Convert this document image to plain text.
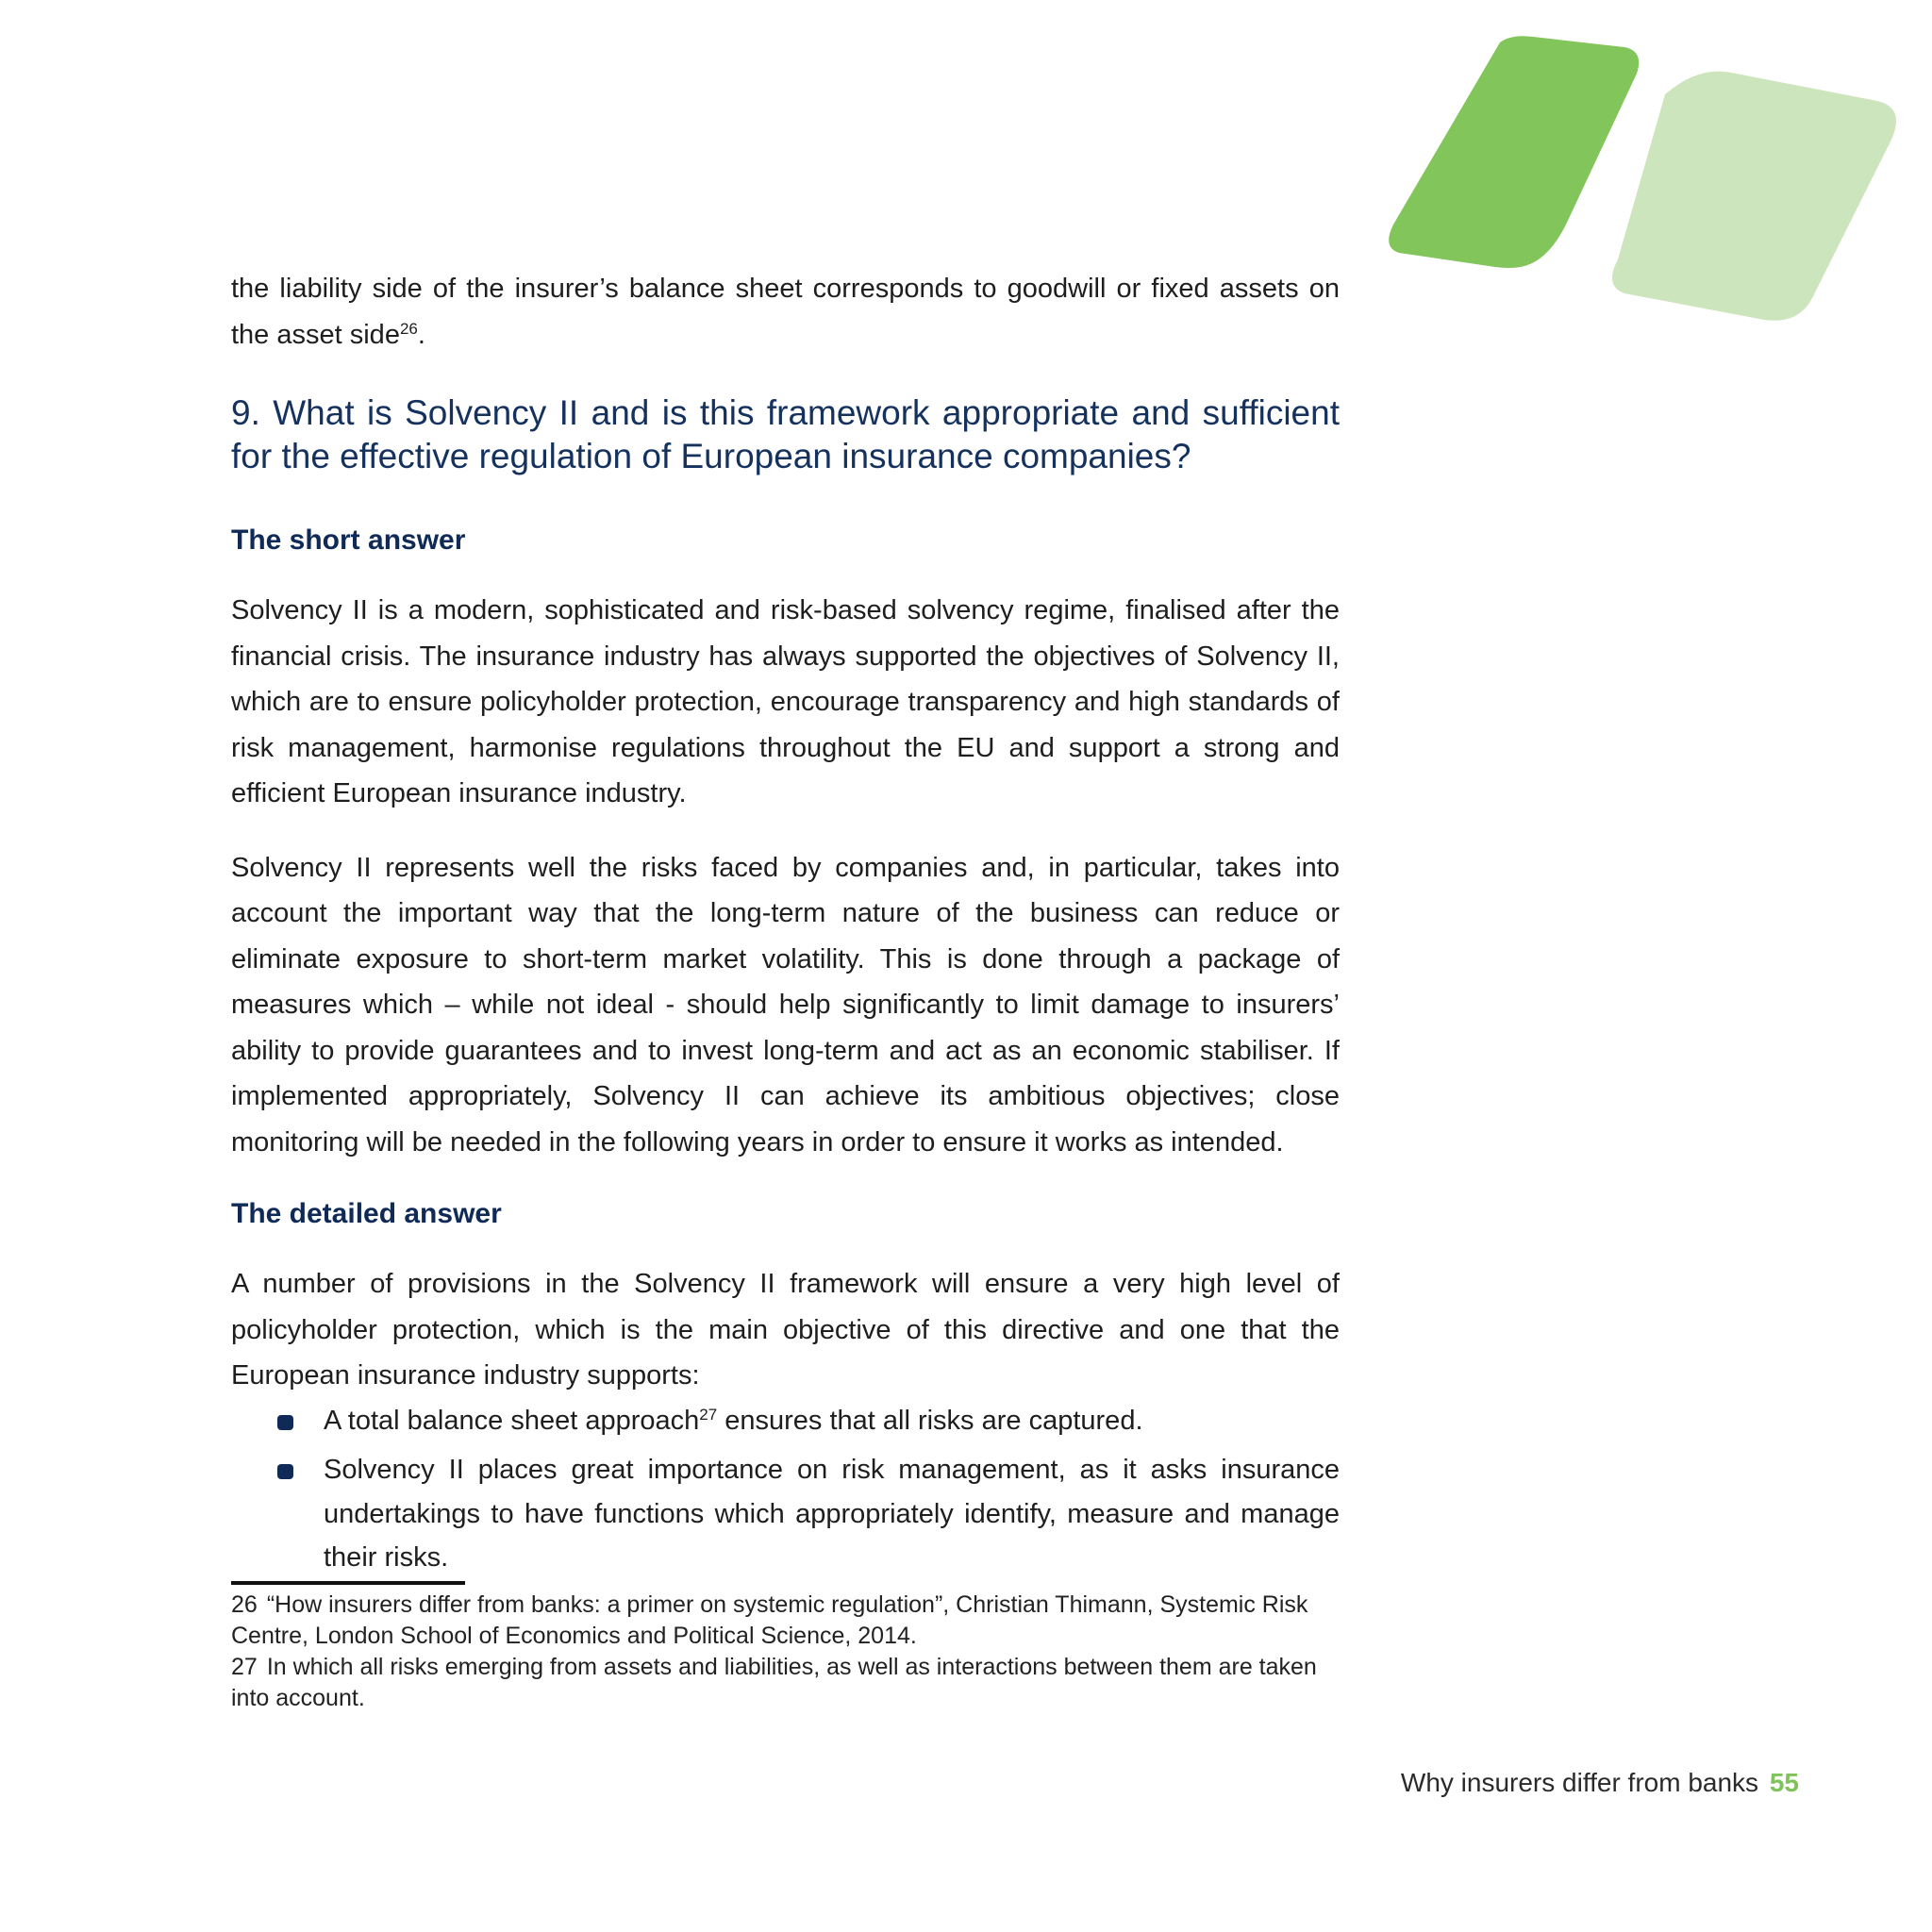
the liability side of the insurer’s balance sheet corresponds to goodwill or fixed assets on the asset side$^{26}$.

9. What is Solvency II and is this framework appropriate and sufficient for the effective regulation of European insurance companies?
The short answer

Solvency II is a modern, sophisticated and risk-based solvency regime, finalised after the financial crisis. The insurance industry has always supported the objectives of Solvency II, which are to ensure policyholder protection, encourage transparency and high standards of risk management, harmonise regulations throughout the EU and support a strong and efficient European insurance industry.

Solvency II represents well the risks faced by companies and, in particular, takes into account the important way that the long-term nature of the business can reduce or eliminate exposure to short-term market volatility. This is done through a package of measures which – while not ideal - should help significantly to limit damage to insurers’ ability to provide guarantees and to invest long-term and act as an economic stabiliser. If implemented appropriately, Solvency II can achieve its ambitious objectives; close monitoring will be needed in the following years in order to ensure it works as intended.

The detailed answer

A number of provisions in the Solvency II framework will ensure a very high level of policyholder protection, which is the main objective of this directive and one that the European insurance industry supports:

A total balance sheet approach$^{27}$ ensures that all risks are captured.
Solvency II places great importance on risk management, as it asks insurance undertakings to have functions which appropriately identify, measure and manage their risks.
26 “How insurers differ from banks: a primer on systemic regulation”, Christian Thimann, Systemic Risk Centre, London School of Economics and Political Science, 2014.
27 In which all risks emerging from assets and liabilities, as well as interactions between them are taken into account.
Why insurers differ from banks 55
